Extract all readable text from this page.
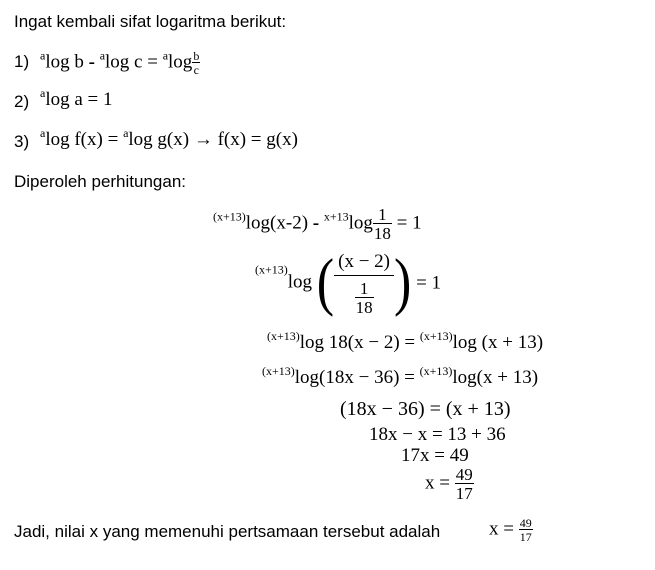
Ingat kembali sifat logaritma berikut:
1) $^a$log b - $^a$log $c = ^a\log \frac{b}{c}$
2) $^a$log a = 1
3) $^a$log f(x) = $^a$log g(x) → f(x) = g(x)
Diperoleh perhitungan:
$^{(x+13)}\log(x-2) - ^{x+13}\log \frac{1}{18} = 1$
$^{(x+13)}$log ( $\frac{(x - 2)}{\frac{1}{18}}$ ) = 1
$^{(x+13)}$log 18(x − 2) = $^{(x+13)}$log (x + 13)
$^{(x+13)}$log(18x − 36) = $^{(x+13)}$log(x + 13)
(18x − 36) = (x + 13)
18x − x = 13 + 36
17x = 49
$x = \frac{49}{17}$
Jadi, nilai x yang memenuhi pertsamaan tersebut adalah	$x = \frac{49}{17}$
